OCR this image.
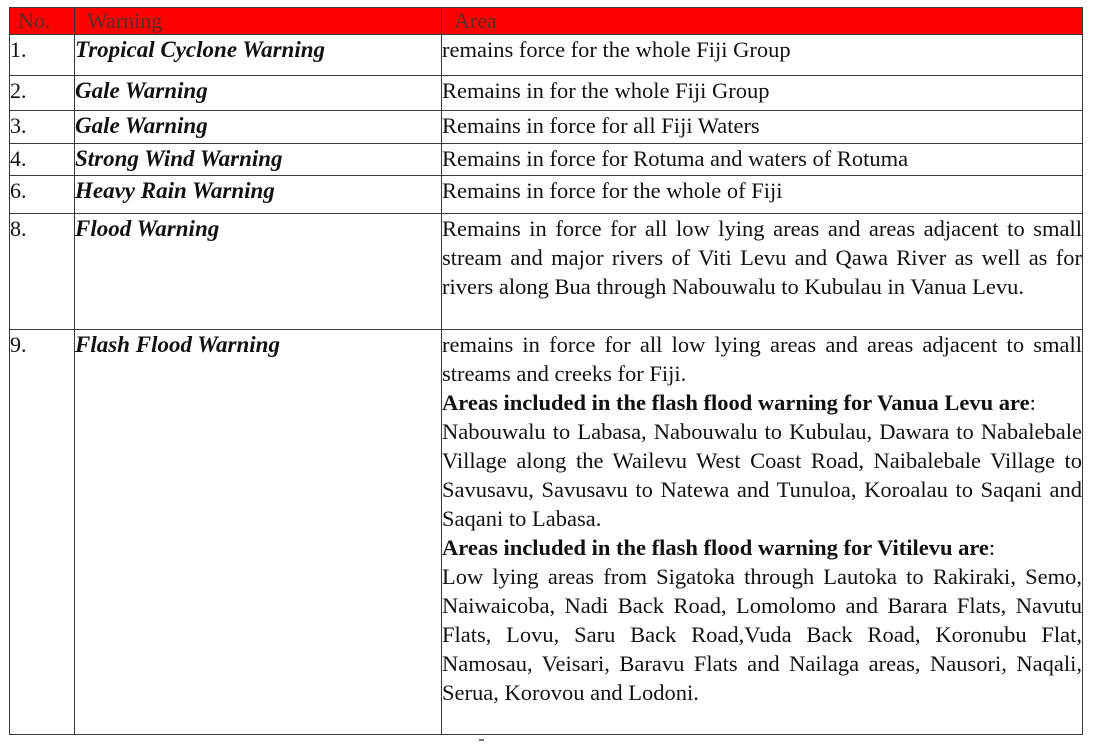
No.	Warning	Area
1.	Tropical Cyclone Warning	remains force for the whole Fiji Group
2.	Gale Warning	Remains in for the whole Fiji Group
3.	Gale Warning	Remains in force for all Fiji Waters
4.	Strong Wind Warning	Remains in force for Rotuma and waters of Rotuma
6.	Heavy Rain Warning	Remains in force for the whole of Fiji
8.	Flood Warning	Remains in force for all low lying areas and areas adjacent to small stream and major rivers of Viti Levu and Qawa River as well as for rivers along Bua through Nabouwalu to Kubulau in Vanua Levu.

9.	Flash Flood Warning	remains in force for all low lying areas and areas adjacent to small streams and creeks for Fiji.
Areas included in the flash flood warning for Vanua Levu are:
Nabouwalu to Labasa, Nabouwalu to Kubulau, Dawara to Nabalebale Village along the Wailevu West Coast Road, Naibalebale Village to Savusavu, Savusavu to Natewa and Tunuloa, Koroalau to Saqani and Saqani to Labasa.
Areas included in the flash flood warning for Vitilevu are:
Low lying areas from Sigatoka through Lautoka to Rakiraki, Semo, Naiwaicoba, Nadi Back Road, Lomolomo and Barara Flats, Navutu Flats, Lovu, Saru Back Road,Vuda Back Road, Koronubu Flat, Namosau, Veisari, Baravu Flats and Nailaga areas, Nausori, Naqali, Serua, Korovou and Lodoni.
